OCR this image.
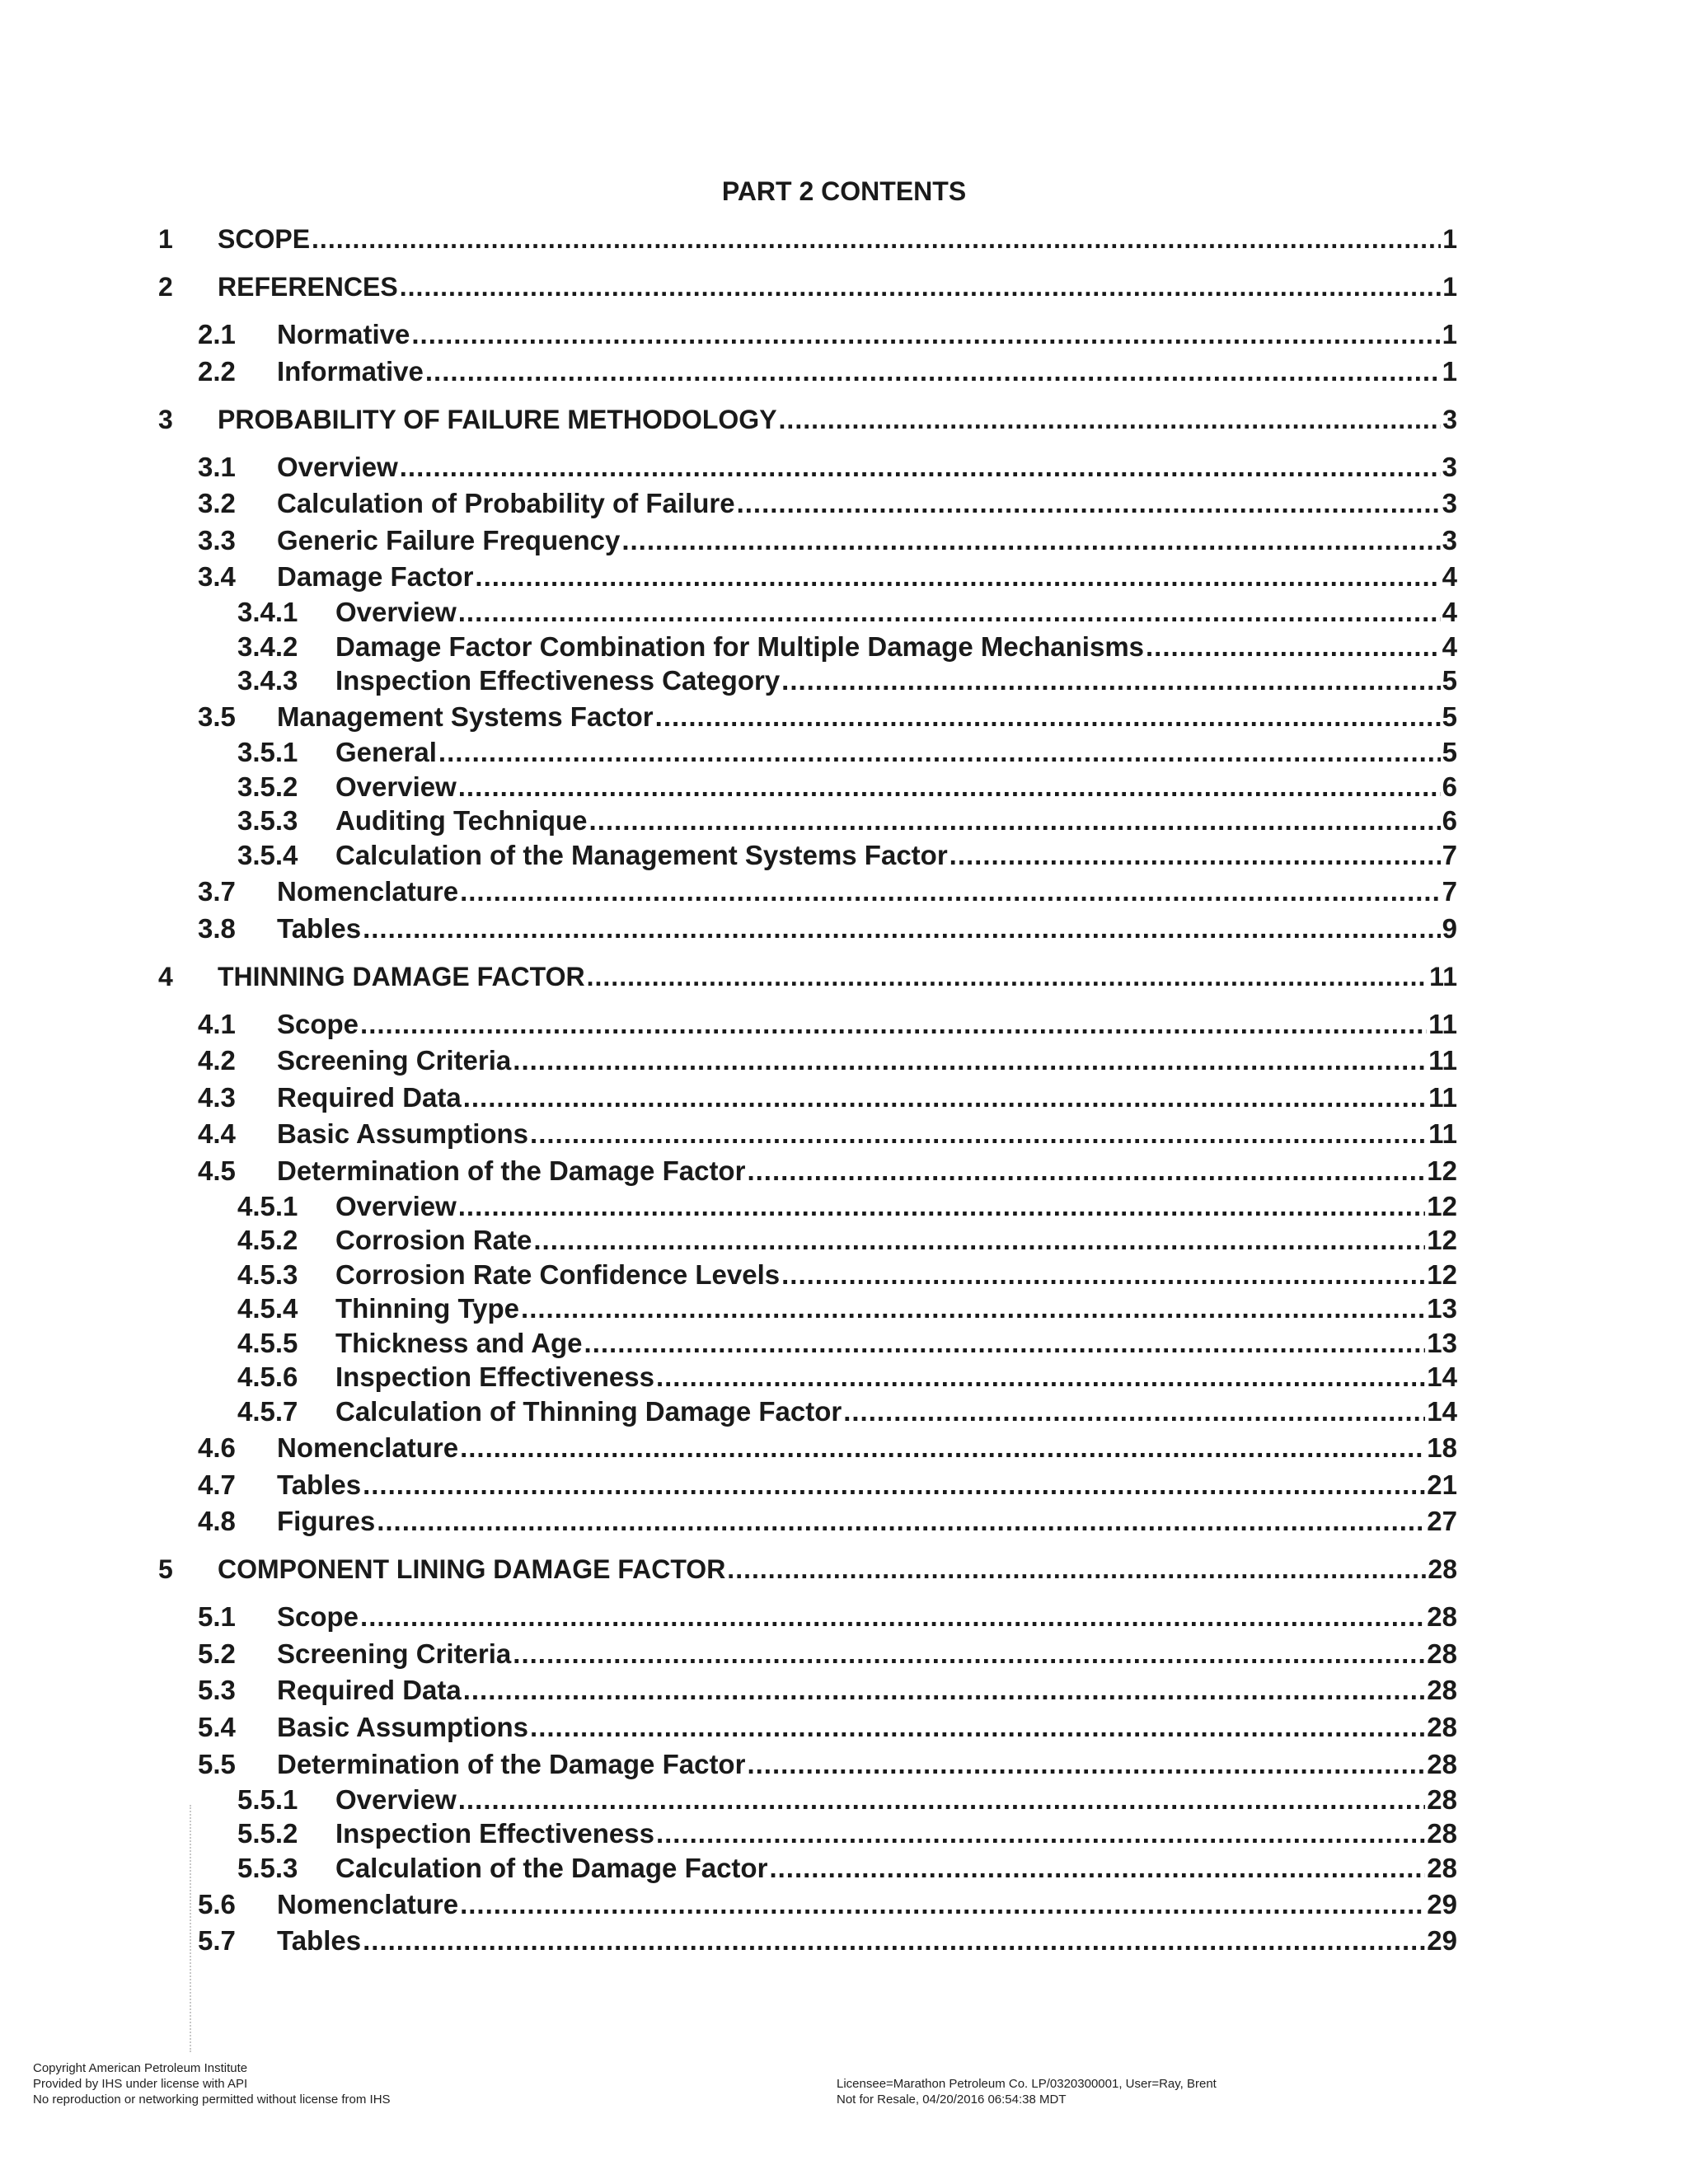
PART 2 CONTENTS
1	SCOPE .....	1
2	REFERENCES .....	1
2.1	Normative .....	1
2.2	Informative .....	1
3	PROBABILITY OF FAILURE METHODOLOGY .....	3
3.1	Overview .....	3
3.2	Calculation of Probability of Failure .....	3
3.3	Generic Failure Frequency .....	3
3.4	Damage Factor .....	4
3.4.1	Overview .....	4
3.4.2	Damage Factor Combination for Multiple Damage Mechanisms .....	4
3.4.3	Inspection Effectiveness Category .....	5
3.5	Management Systems Factor .....	5
3.5.1	General .....	5
3.5.2	Overview .....	6
3.5.3	Auditing Technique .....	6
3.5.4	Calculation of the Management Systems Factor .....	7
3.7	Nomenclature .....	7
3.8	Tables .....	9
4	THINNING DAMAGE FACTOR .....	11
4.1	Scope .....	11
4.2	Screening Criteria .....	11
4.3	Required Data .....	11
4.4	Basic Assumptions .....	11
4.5	Determination of the Damage Factor .....	12
4.5.1	Overview .....	12
4.5.2	Corrosion Rate .....	12
4.5.3	Corrosion Rate Confidence Levels .....	12
4.5.4	Thinning Type .....	13
4.5.5	Thickness and Age .....	13
4.5.6	Inspection Effectiveness .....	14
4.5.7	Calculation of Thinning Damage Factor .....	14
4.6	Nomenclature .....	18
4.7	Tables .....	21
4.8	Figures .....	27
5	COMPONENT LINING DAMAGE FACTOR .....	28
5.1	Scope .....	28
5.2	Screening Criteria .....	28
5.3	Required Data .....	28
5.4	Basic Assumptions .....	28
5.5	Determination of the Damage Factor .....	28
5.5.1	Overview .....	28
5.5.2	Inspection Effectiveness .....	28
5.5.3	Calculation of the Damage Factor .....	28
5.6	Nomenclature .....	29
5.7	Tables .....	29
Copyright American Petroleum Institute
Provided by IHS under license with API
No reproduction or networking permitted without license from IHS
Licensee=Marathon Petroleum Co. LP/0320300001, User=Ray, Brent
Not for Resale, 04/20/2016 06:54:38 MDT
